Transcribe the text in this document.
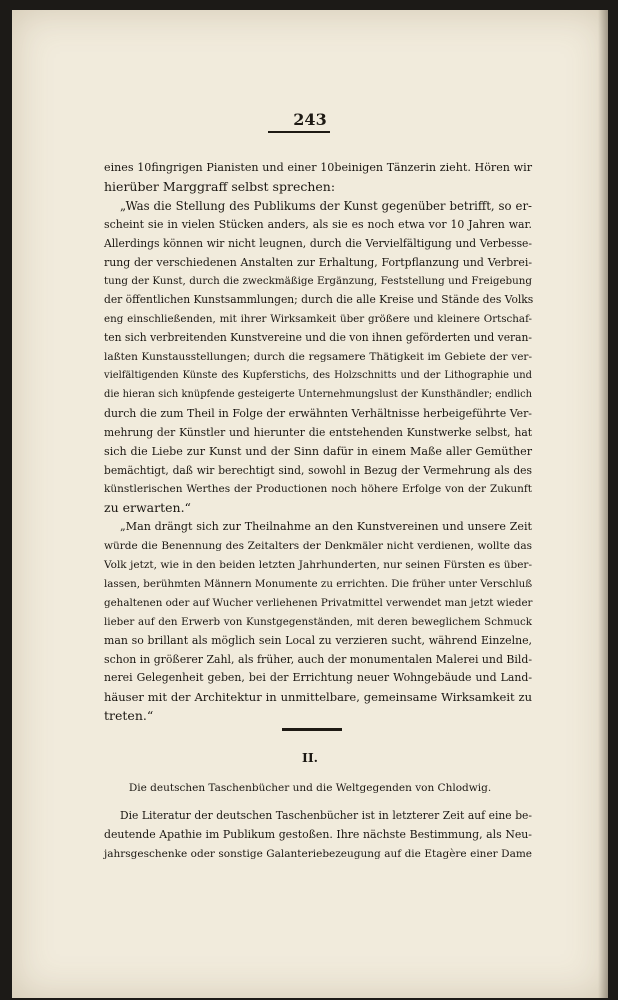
243
eines 10fingrigen Pianisten und einer 10beinigen Tänzerin zieht. Hören wir
hierüber Marggraff selbst sprechen:
„Was die Stellung des Publikums der Kunst gegenüber betrifft, so er-
scheint sie in vielen Stücken anders, als sie es noch etwa vor 10 Jahren war.
Allerdings können wir nicht leugnen, durch die Vervielfältigung und Verbesse-
rung der verschiedenen Anstalten zur Erhaltung, Fortpflanzung und Verbrei-
tung der Kunst, durch die zweckmäßige Ergänzung, Feststellung und Freigebung
der öffentlichen Kunstsammlungen; durch die alle Kreise und Stände des Volks
eng einschließenden, mit ihrer Wirksamkeit über größere und kleinere Ortschaf-
ten sich verbreitenden Kunstvereine und die von ihnen geförderten und veran-
laßten Kunstausstellungen; durch die regsamere Thätigkeit im Gebiete der ver-
vielfältigenden Künste des Kupferstichs, des Holzschnitts und der Lithographie und
die hieran sich knüpfende gesteigerte Unternehmungslust der Kunsthändler; endlich
durch die zum Theil in Folge der erwähnten Verhältnisse herbeigeführte Ver-
mehrung der Künstler und hierunter die entstehenden Kunstwerke selbst, hat
sich die Liebe zur Kunst und der Sinn dafür in einem Maße aller Gemüther
bemächtigt, daß wir berechtigt sind, sowohl in Bezug der Vermehrung als des
künstlerischen Werthes der Productionen noch höhere Erfolge von der Zukunft
zu erwarten.“
„Man drängt sich zur Theilnahme an den Kunstvereinen und unsere Zeit
würde die Benennung des Zeitalters der Denkmäler nicht verdienen, wollte das
Volk jetzt, wie in den beiden letzten Jahrhunderten, nur seinen Fürsten es über-
lassen, berühmten Männern Monumente zu errichten. Die früher unter Verschluß
gehaltenen oder auf Wucher verliehenen Privatmittel verwendet man jetzt wieder
lieber auf den Erwerb von Kunstgegenständen, mit deren beweglichem Schmuck
man so brillant als möglich sein Local zu verzieren sucht, während Einzelne,
schon in größerer Zahl, als früher, auch der monumentalen Malerei und Bild-
nerei Gelegenheit geben, bei der Errichtung neuer Wohngebäude und Land-
häuser mit der Architektur in unmittelbare, gemeinsame Wirksamkeit zu
treten.“
II.
Die deutschen Taschenbücher und die Weltgegenden von Chlodwig.
Die Literatur der deutschen Taschenbücher ist in letzterer Zeit auf eine be-
deutende Apathie im Publikum gestoßen. Ihre nächste Bestimmung, als Neu-
jahrsgeschenke oder sonstige Galanteriebezeugung auf die Etagère einer Dame
